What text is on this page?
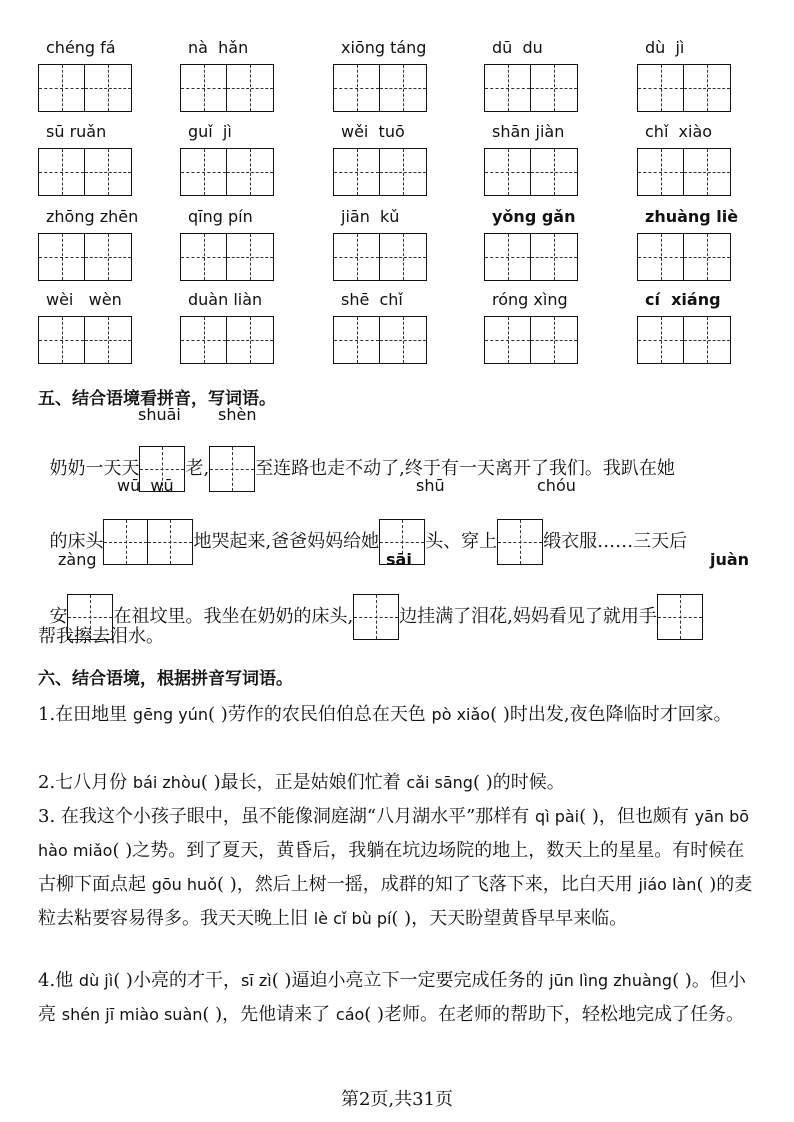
chéng fá	nà  hǎn	xiōng táng	dū  du	dù  jì
sū ruǎn	guǐ  jì	wěi  tuō	shān jiàn	chǐ  xiào
zhōng zhēn	qīng pín	jiān  kǔ	yǒng gǎn	zhuàng liè
wèi   wèn	duàn liàn	shē  chǐ	róng xìng	cí  xiáng
五、结合语境看拼音，写词语。
shuāi shèn

奶奶一天天	老,	至连路也走不动了,终于有一天离开了我们。我趴在她

wū  wū	shū	chóu

的床头	地哭起来,爸爸妈妈给她	头、穿上	缎衣服……三天后

zàng	sāi	juàn

安	在祖坟里。我坐在奶奶的床头,	边挂满了泪花,妈妈看见了就用手

帮我擦去泪水。
六、结合语境，根据拼音写词语。
1.在田地里 gēng yún( )劳作的农民伯伯总在天色 pò xiǎo( )时出发,夜色降临时才回家。
2.七八月份 bái zhòu( )最长，正是姑娘们忙着 cǎi sāng( )的时候。
3. 在我这个小孩子眼中，虽不能像洞庭湖“八月湖水平”那样有 qì pài( )，但也颇有 yān bō hào miǎo( )之势。到了夏天，黄昏后，我躺在坑边场院的地上，数天上的星星。有时候在古柳下面点起 gōu huǒ( )，然后上树一摇，成群的知了飞落下来，比白天用 jiáo làn( )的麦粒去粘要容易得多。我天天晚上旧 lè cǐ bù pí( )，天天盼望黄昏早早来临。
4.他 dù jì( )小亮的才干，sī zì( )逼迫小亮立下一定要完成任务的 jūn lìng zhuàng( )。但小亮 shén jī miào suàn( )，先他请来了 cáo( )老师。在老师的帮助下，轻松地完成了任务。
第2页,共31页
